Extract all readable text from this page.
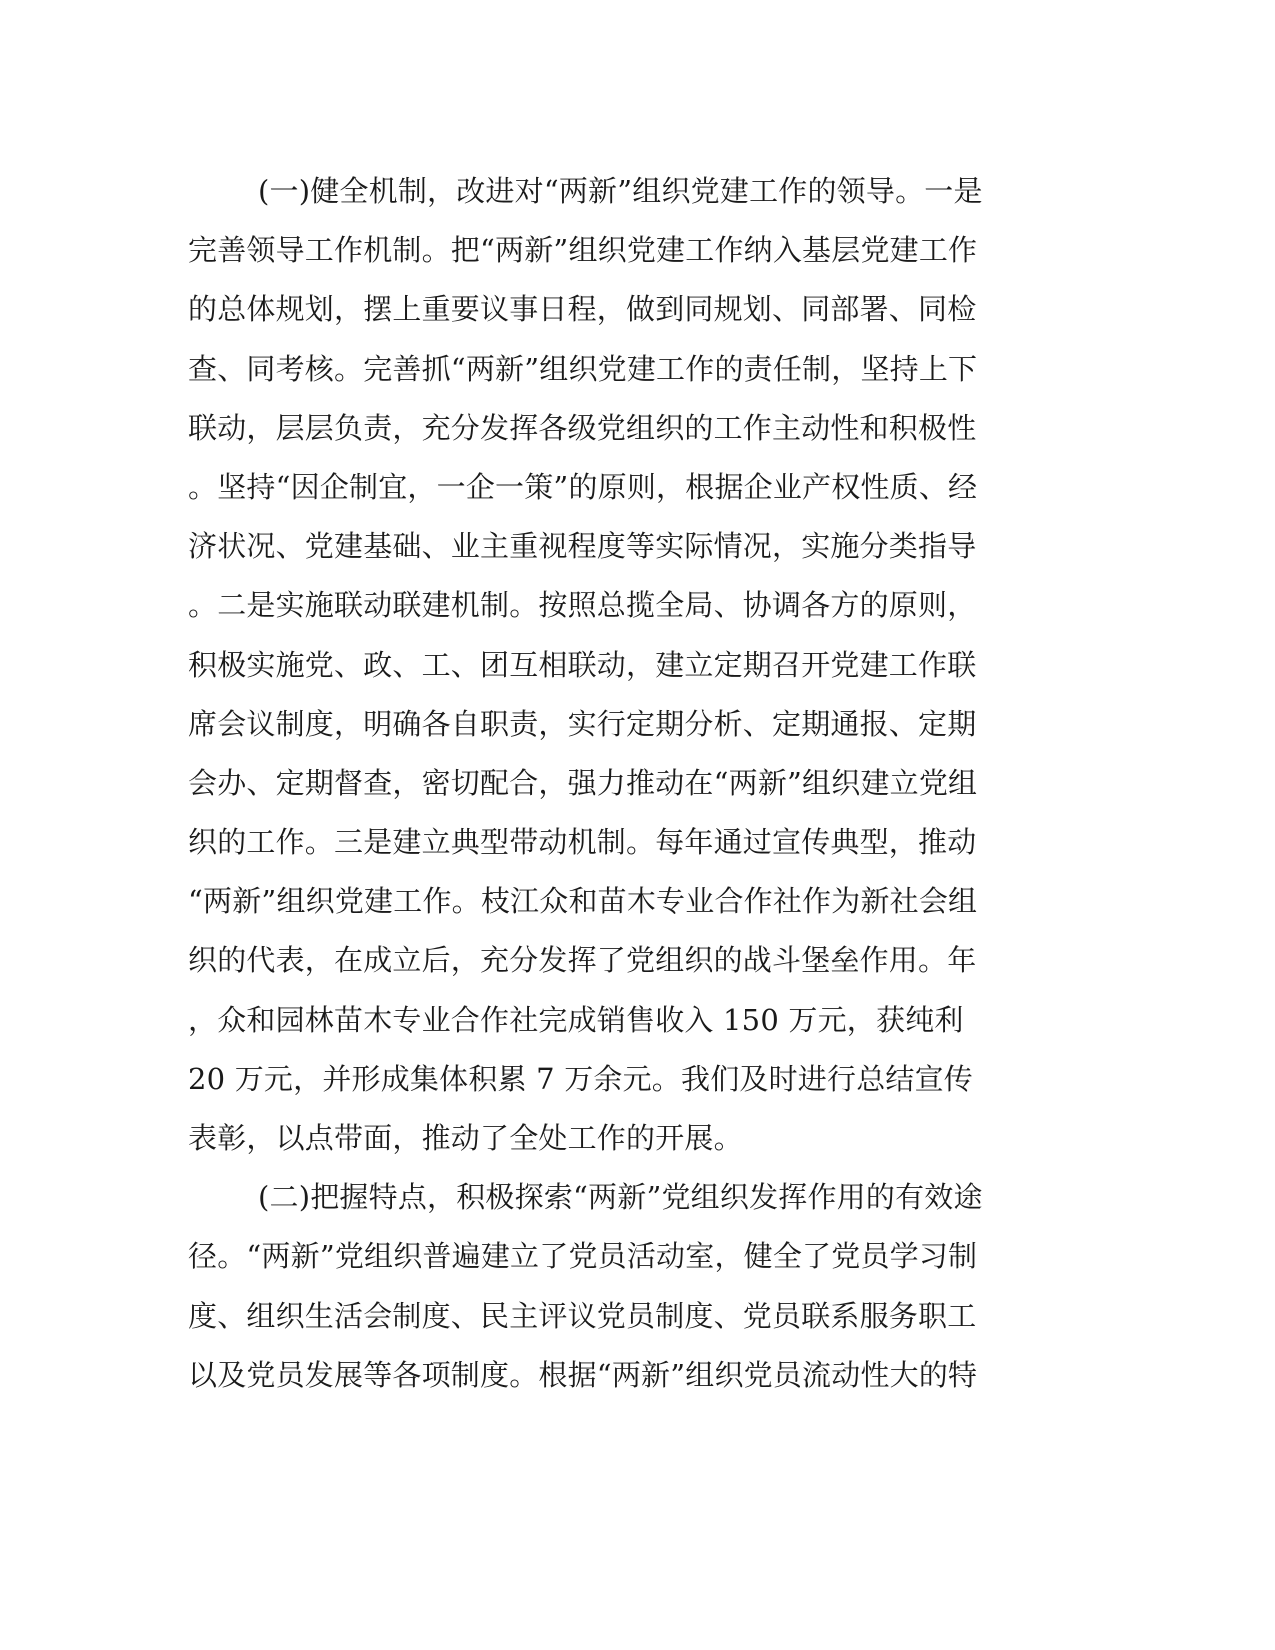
(一)健全机制，改进对“两新”组织党建工作的领导。一是
完善领导工作机制。把“两新”组织党建工作纳入基层党建工作
的总体规划，摆上重要议事日程，做到同规划、同部署、同检
查、同考核。完善抓“两新”组织党建工作的责任制，坚持上下
联动，层层负责，充分发挥各级党组织的工作主动性和积极性
。坚持“因企制宜，一企一策”的原则，根据企业产权性质、经
济状况、党建基础、业主重视程度等实际情况，实施分类指导
。二是实施联动联建机制。按照总揽全局、协调各方的原则，
积极实施党、政、工、团互相联动，建立定期召开党建工作联
席会议制度，明确各自职责，实行定期分析、定期通报、定期
会办、定期督查，密切配合，强力推动在“两新”组织建立党组
织的工作。三是建立典型带动机制。每年通过宣传典型，推动
“两新”组织党建工作。枝江众和苗木专业合作社作为新社会组
织的代表，在成立后，充分发挥了党组织的战斗堡垒作用。年
，众和园林苗木专业合作社完成销售收入 150 万元，获纯利
20 万元，并形成集体积累 7 万余元。我们及时进行总结宣传
表彰，以点带面，推动了全处工作的开展。
(二)把握特点，积极探索“两新”党组织发挥作用的有效途
径。“两新”党组织普遍建立了党员活动室，健全了党员学习制
度、组织生活会制度、民主评议党员制度、党员联系服务职工
以及党员发展等各项制度。根据“两新”组织党员流动性大的特
